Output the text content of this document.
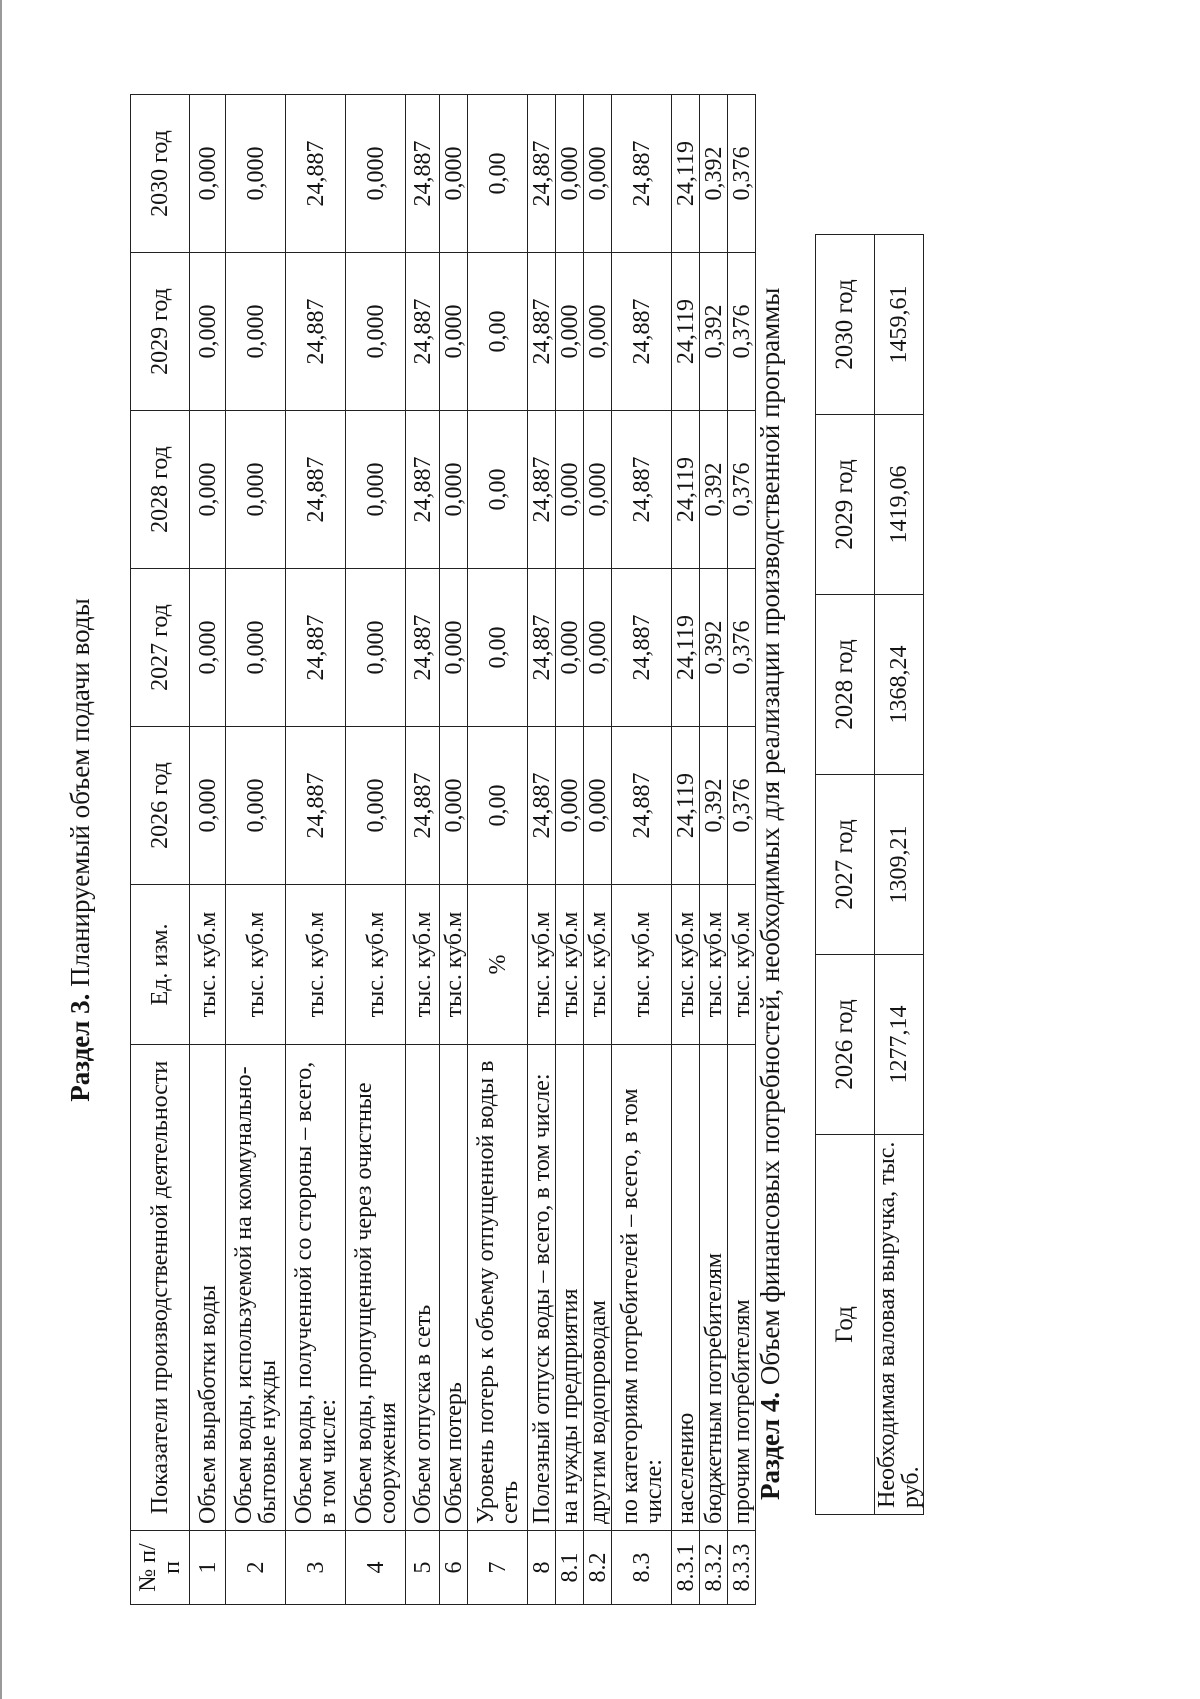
Раздел 3. Планируемый объем подачи воды
№ п/п	Показатели производственной деятельности	Ед. изм.	2026 год	2027 год	2028 год	2029 год	2030 год
1	Объем выработки воды	тыс. куб.м	0,000	0,000	0,000	0,000	0,000
2	Объем воды, используемой на коммунально-бытовые нужды	тыс. куб.м	0,000	0,000	0,000	0,000	0,000
3	Объем воды, полученной со стороны – всего, в том числе:	тыс. куб.м	24,887	24,887	24,887	24,887	24,887
4	Объем воды, пропущенной через очистные сооружения	тыс. куб.м	0,000	0,000	0,000	0,000	0,000
5	Объем отпуска в сеть	тыс. куб.м	24,887	24,887	24,887	24,887	24,887
6	Объем потерь	тыс. куб.м	0,000	0,000	0,000	0,000	0,000
7	Уровень потерь к объему отпущенной воды в сеть	%	0,00	0,00	0,00	0,00	0,00
8	Полезный отпуск воды – всего, в том числе:	тыс. куб.м	24,887	24,887	24,887	24,887	24,887
8.1	на нужды предприятия	тыс. куб.м	0,000	0,000	0,000	0,000	0,000
8.2	другим водопроводам	тыс. куб.м	0,000	0,000	0,000	0,000	0,000
8.3	по категориям потребителей – всего, в том числе:	тыс. куб.м	24,887	24,887	24,887	24,887	24,887
8.3.1	населению	тыс. куб.м	24,119	24,119	24,119	24,119	24,119
8.3.2	бюджетным потребителям	тыс. куб.м	0,392	0,392	0,392	0,392	0,392
8.3.3	прочим потребителям	тыс. куб.м	0,376	0,376	0,376	0,376	0,376
Раздел 4. Объем финансовых потребностей, необходимых для реализации производственной программы Год	2026 год	2027 год	2028 год	2029 год	2030 год
Необходимая валовая выручка, тыс. руб.	1277,14	1309,21	1368,24	1419,06	1459,61
